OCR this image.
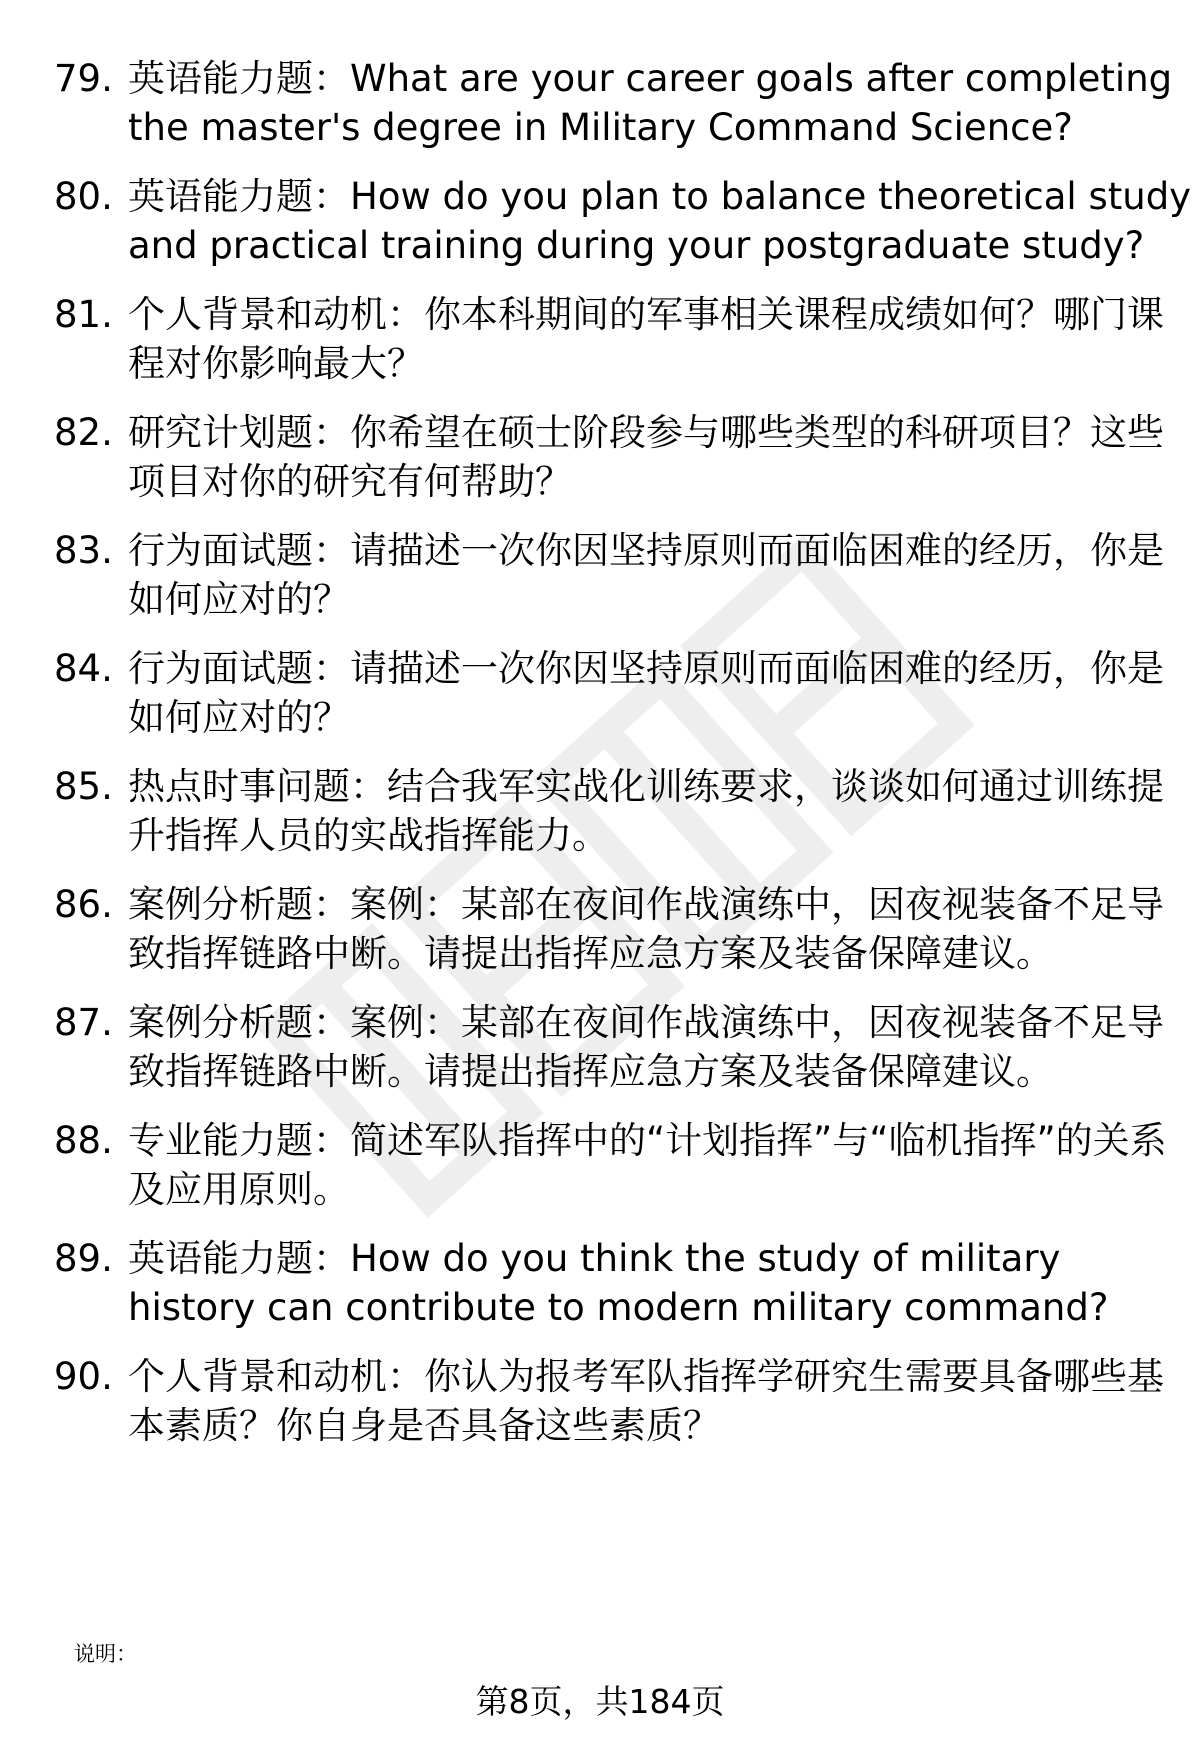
79. 英语能力题：What are your career goals after completing the master's degree in Military Command Science?
80. 英语能力题：How do you plan to balance theoretical study and practical training during your postgraduate study?
81. 个人背景和动机：你本科期间的军事相关课程成绩如何？哪门课程对你影响最大？
82. 研究计划题：你希望在硕士阶段参与哪些类型的科研项目？这些项目对你的研究有何帮助？
83. 行为面试题：请描述一次你因坚持原则而面临困难的经历，你是如何应对的？
84. 行为面试题：请描述一次你因坚持原则而面临困难的经历，你是如何应对的？
85. 热点时事问题：结合我军实战化训练要求，谈谈如何通过训练提升指挥人员的实战指挥能力。
86. 案例分析题：案例：某部在夜间作战演练中，因夜视装备不足导致指挥链路中断。请提出指挥应急方案及装备保障建议。
87. 案例分析题：案例：某部在夜间作战演练中，因夜视装备不足导致指挥链路中断。请提出指挥应急方案及装备保障建议。
88. 专业能力题：简述军队指挥中的“计划指挥”与“临机指挥”的关系及应用原则。
89. 英语能力题：How do you think the study of military history can contribute to modern military command?
90. 个人背景和动机：你认为报考军队指挥学研究生需要具备哪些基本素质？你自身是否具备这些素质？
说明：
第8页，共184页
